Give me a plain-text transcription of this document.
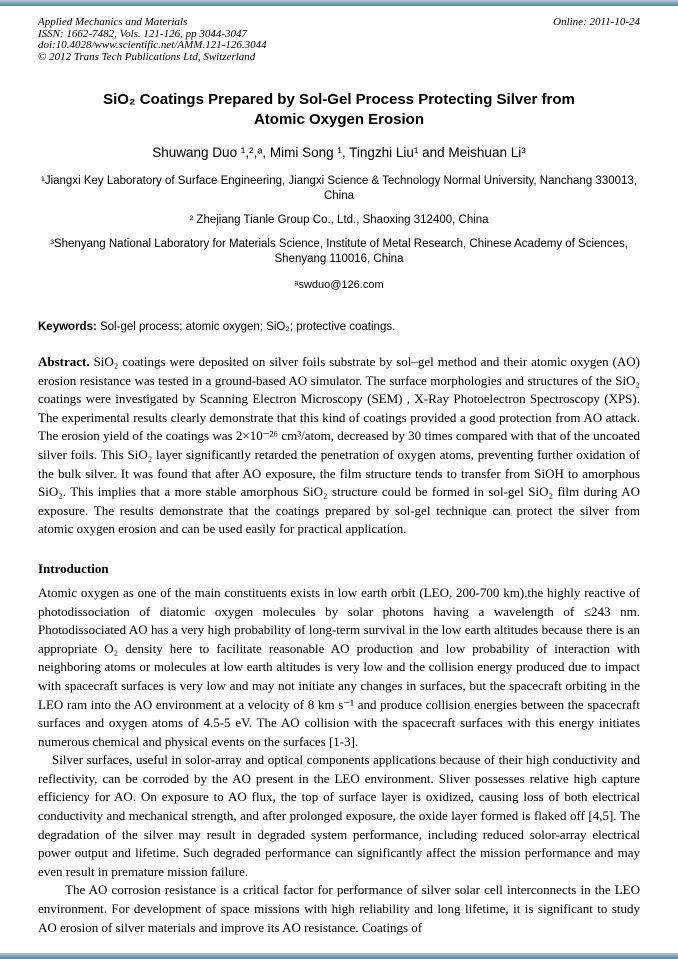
Applied Mechanics and Materials
ISSN: 1662-7482, Vols. 121-126, pp 3044-3047
doi:10.4028/www.scientific.net/AMM.121-126.3044
© 2012 Trans Tech Publications Ltd, Switzerland
Online: 2011-10-24
SiO₂ Coatings Prepared by Sol-Gel Process Protecting Silver from Atomic Oxygen Erosion
Shuwang Duo ¹,²,ᵃ, Mimi Song ¹, Tingzhi Liu¹ and Meishuan Li³
¹Jiangxi Key Laboratory of Surface Engineering, Jiangxi Science & Technology Normal University, Nanchang 330013, China
² Zhejiang Tianle Group Co., Ltd., Shaoxing 312400, China
³Shenyang National Laboratory for Materials Science, Institute of Metal Research, Chinese Academy of Sciences, Shenyang 110016, China
ᵃswduo@126.com

Keywords: Sol-gel process; atomic oxygen; SiO₂; protective coatings.

Abstract. SiO₂ coatings were deposited on silver foils substrate by sol–gel method and their atomic oxygen (AO) erosion resistance was tested in a ground-based AO simulator. The surface morphologies and structures of the SiO₂ coatings were investigated by Scanning Electron Microscopy (SEM) , X-Ray Photoelectron Spectroscopy (XPS). The experimental results clearly demonstrate that this kind of coatings provided a good protection from AO attack. The erosion yield of the coatings was 2×10⁻²⁶ cm³/atom, decreased by 30 times compared with that of the uncoated silver foils. This SiO₂ layer significantly retarded the penetration of oxygen atoms, preventing further oxidation of the bulk silver. It was found that after AO exposure, the film structure tends to transfer from SiOH to amorphous SiO₂. This implies that a more stable amorphous SiO₂ structure could be formed in sol-gel SiO₂ film during AO exposure. The results demonstrate that the coatings prepared by sol-gel technique can protect the silver from atomic oxygen erosion and can be used easily for practical application.

Introduction

Atomic oxygen as one of the main constituents exists in low earth orbit (LEO, 200-700 km).the highly reactive of photodissociation of diatomic oxygen molecules by solar photons having a wavelength of ≤243 nm. Photodissociated AO has a very high probability of long-term survival in the low earth altitudes because there is an appropriate O₂ density here to facilitate reasonable AO production and low probability of interaction with neighboring atoms or molecules at low earth altitudes is very low and the collision energy produced due to impact with spacecraft surfaces is very low and may not initiate any changes in surfaces, but the spacecraft orbiting in the LEO ram into the AO environment at a velocity of 8 km s⁻¹ and produce collision energies between the spacecraft surfaces and oxygen atoms of 4.5-5 eV. The AO collision with the spacecraft surfaces with this energy initiates numerous chemical and physical events on the surfaces [1-3].

Silver surfaces, useful in solor-array and optical components applications because of their high conductivity and reflectivity, can be corroded by the AO present in the LEO environment. Sliver possesses relative high capture efficiency for AO. On exposure to AO flux, the top of surface layer is oxidized, causing loss of both electrical conductivity and mechanical strength, and after prolonged exposure, the oxide layer formed is flaked off [4,5]. The degradation of the silver may result in degraded system performance, including reduced solor-array electrical power output and lifetime. Such degraded performance can significantly affect the mission performance and may even result in premature mission failure.

The AO corrosion resistance is a critical factor for performance of silver solar cell interconnects in the LEO environment. For development of space missions with high reliability and long lifetime, it is significant to study AO erosion of silver materials and improve its AO resistance. Coatings of
